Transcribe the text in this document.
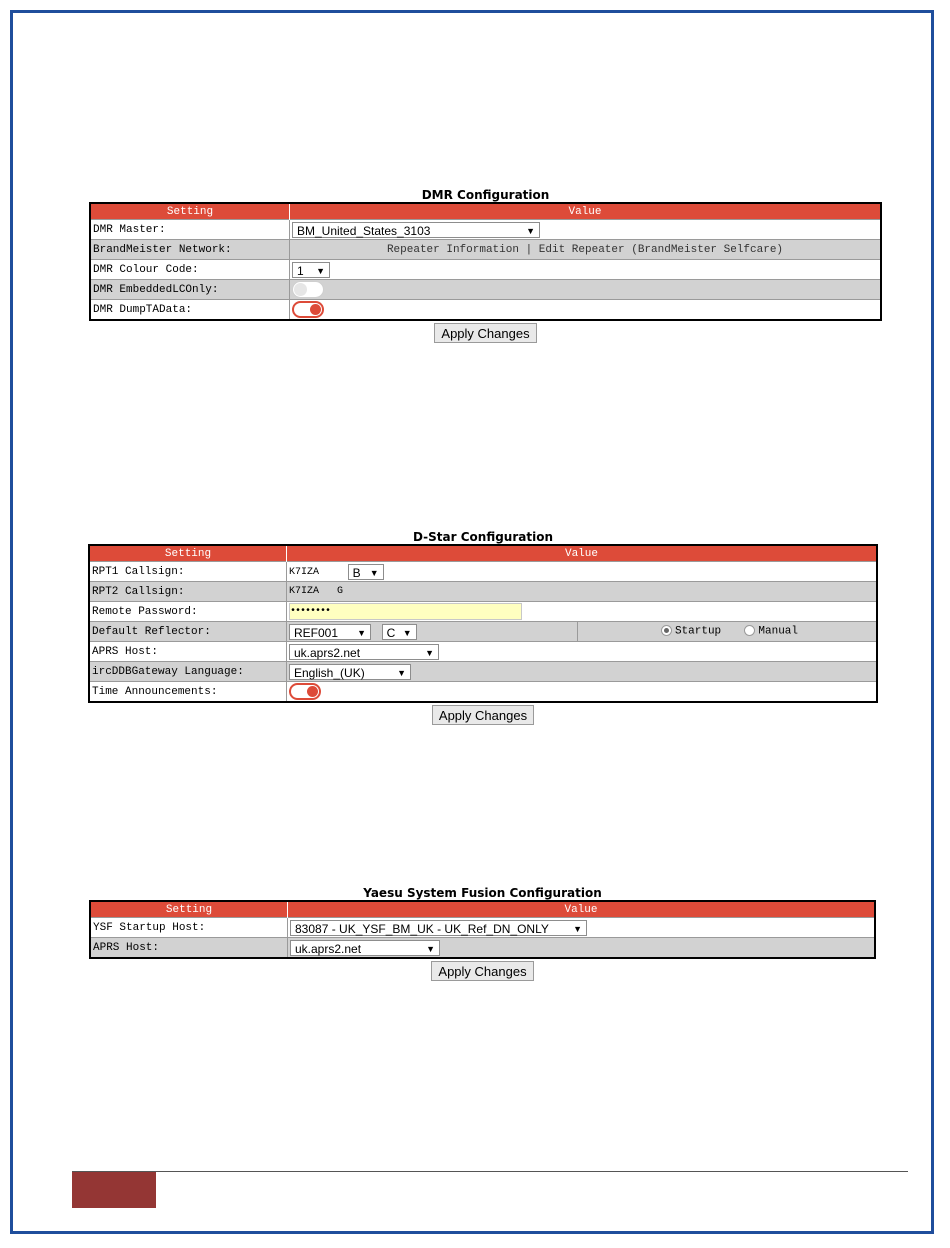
DMR Configuration
Setting	Value
DMR Master:	BM_United_States_3103 ▼

BrandMeister Network:	Repeater Information | Edit Repeater (BrandMeister Selfcare)
DMR Colour Code:	1 ▼

DMR EmbeddedLCOnly:	

DMR DumpTAData:	
Apply Changes
D-Star Configuration
Setting	Value	
RPT1 Callsign:	K7IZA B ▼	

RPT2 Callsign:	K7IZA   G	
Remote Password:	••••••••	
Default Reflector:	REF001 ▼ C ▼	Startup Manual
APRS Host:	uk.aprs2.net ▼	

ircDDBGateway Language:	English_(UK) ▼	

Time Announcements:		
Apply Changes
Yaesu System Fusion Configuration
Setting	Value
YSF Startup Host:	83087 - UK_YSF_BM_UK - UK_Ref_DN_ONLY ▼

APRS Host:	uk.aprs2.net ▼
Apply Changes
